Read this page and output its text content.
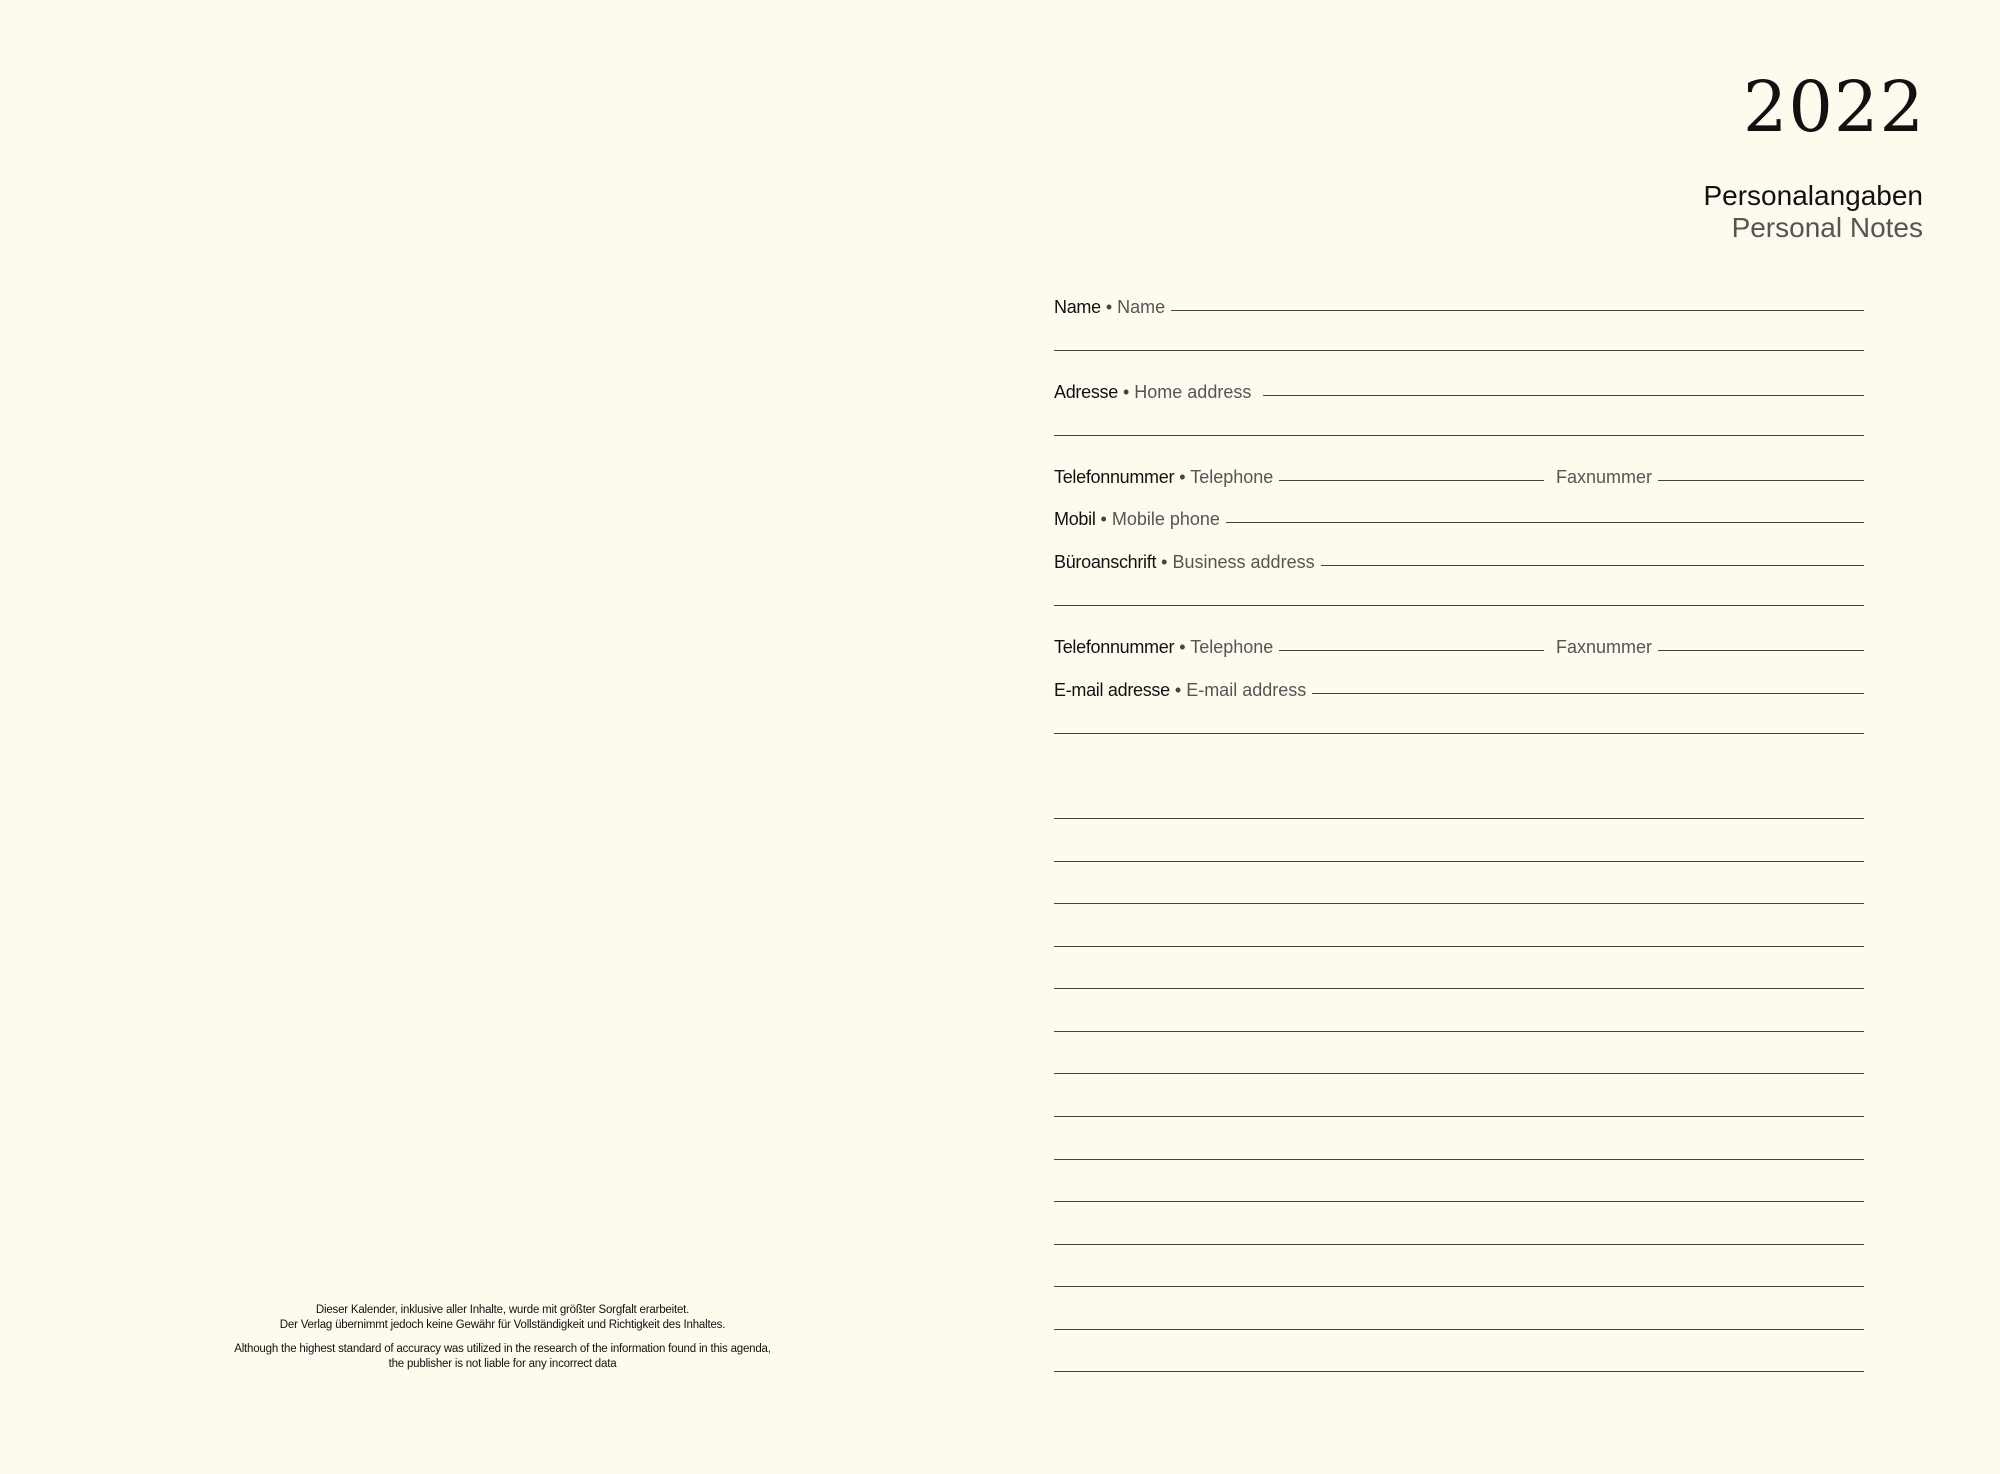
2022
Personalangaben
Personal Notes
Name • Name
Adresse • Home address
Telefonnummer • Telephone	Faxnummer
Mobil • Mobile phone
Büroanschrift • Business address
Telefonnummer • Telephone	Faxnummer
E-mail adresse • E-mail address
Dieser Kalender, inklusive aller Inhalte, wurde mit größter Sorgfalt erarbeitet.
Der Verlag übernimmt jedoch keine Gewähr für Vollständigkeit und Richtigkeit des Inhaltes.
Although the highest standard of accuracy was utilized in the research of the information found in this agenda,
the publisher is not liable for any incorrect data
